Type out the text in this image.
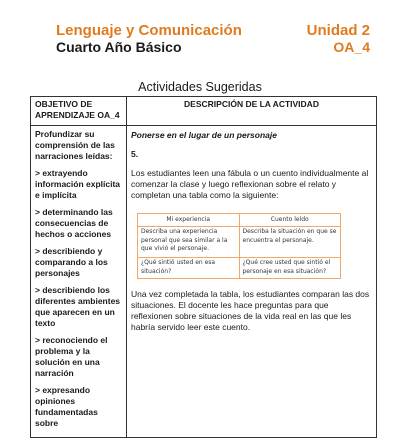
Lenguaje y Comunicación
Cuarto Año Básico
Unidad 2
OA_4
Actividades Sugeridas
OBJETIVO DE APRENDIZAJE OA_4	DESCRIPCIÓN DE LA ACTIVIDAD

Profundizar su comprensión de las narraciones leídas:
> extrayendo información explícita e implícita
> determinando las consecuencias de hechos o acciones
> describiendo y comparando a los personajes
> describiendo los diferentes ambientes que aparecen en un texto
> reconociendo el problema y la solución en una narración
> expresando opiniones fundamentadas sobre

Ponerse en el lugar de un personaje
5.
Los estudiantes leen una fábula o un cuento individualmente al comenzar la clase y luego reflexionan sobre el relato y completan una tabla como la siguiente:
Mi experiencia	Cuento leído
Describa una experiencia personal que sea similar a la que vivió el personaje.	Describa la situación en que se encuentra el personaje.
¿Qué sintió usted en esa situación?	¿Qué cree usted que sintió el personaje en esa situación?
Una vez completada la tabla, los estudiantes comparan las dos situaciones. El docente les hace preguntas para que reflexionen sobre situaciones de la vida real en las que les habría servido leer este cuento.
